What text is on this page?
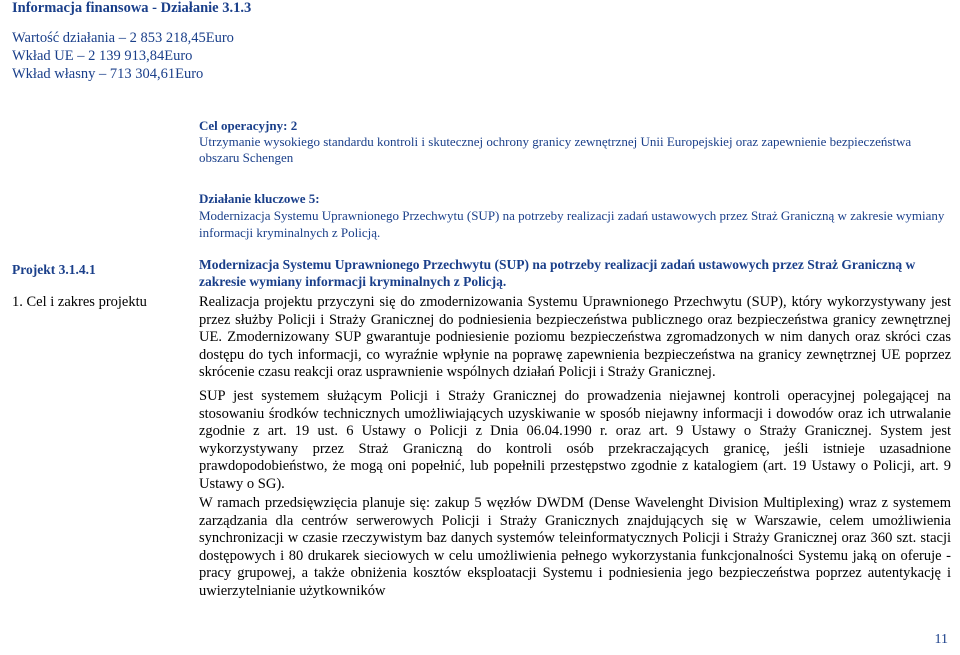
Informacja finansowa - Działanie 3.1.3
Wartość działania – 2 853 218,45Euro
Wkład UE – 2 139 913,84Euro
Wkład własny – 713 304,61Euro
Cel operacyjny: 2
Utrzymanie wysokiego standardu kontroli i skutecznej ochrony granicy zewnętrznej Unii Europejskiej oraz zapewnienie bezpieczeństwa obszaru Schengen
Działanie kluczowe 5:
Modernizacja Systemu Uprawnionego Przechwytu (SUP) na potrzeby realizacji zadań ustawowych przez Straż Graniczną w zakresie wymiany informacji kryminalnych z Policją.
Projekt 3.1.4.1	Modernizacja Systemu Uprawnionego Przechwytu (SUP) na potrzeby realizacji zadań ustawowych przez Straż Graniczną w zakresie wymiany informacji kryminalnych z Policją.
1. Cel i zakres projektu	Realizacja projektu przyczyni się do zmodernizowania Systemu Uprawnionego Przechwytu (SUP), który wykorzystywany jest przez służby Policji i Straży Granicznej do podniesienia bezpieczeństwa publicznego oraz bezpieczeństwa granicy zewnętrznej UE. Zmodernizowany SUP gwarantuje podniesienie poziomu bezpieczeństwa zgromadzonych w nim danych oraz skróci czas dostępu do tych informacji, co wyraźnie wpłynie na poprawę zapewnienia bezpieczeństwa na granicy zewnętrznej UE poprzez skrócenie czasu reakcji oraz usprawnienie wspólnych działań Policji i Straży Granicznej.

SUP jest systemem służącym Policji i Straży Granicznej do prowadzenia niejawnej kontroli operacyjnej polegającej na stosowaniu środków technicznych umożliwiających uzyskiwanie w sposób niejawny informacji i dowodów oraz ich utrwalanie zgodnie z art. 19 ust. 6 Ustawy o Policji z Dnia 06.04.1990 r. oraz art. 9 Ustawy o Straży Granicznej. System jest wykorzystywany przez Straż Graniczną do kontroli osób przekraczających granicę, jeśli istnieje uzasadnione prawdopodobieństwo, że mogą oni popełnić, lub popełnili przestępstwo zgodnie z katalogiem (art. 19 Ustawy o Policji, art. 9 Ustawy o SG).

W ramach przedsięwzięcia planuje się: zakup 5 węzłów DWDM (Dense Wavelenght Division Multiplexing) wraz z systemem zarządzania dla centrów serwerowych Policji i Straży Granicznych znajdujących się w Warszawie, celem umożliwienia synchronizacji w czasie rzeczywistym baz danych systemów teleinformatycznych Policji i Straży Granicznej oraz 360 szt. stacji dostępowych i 80 drukarek sieciowych w celu umożliwienia pełnego wykorzystania funkcjonalności Systemu jaką on oferuje - pracy grupowej, a także obniżenia kosztów eksploatacji Systemu i podniesienia jego bezpieczeństwa poprzez autentykację i uwierzytelnianie użytkowników

11
